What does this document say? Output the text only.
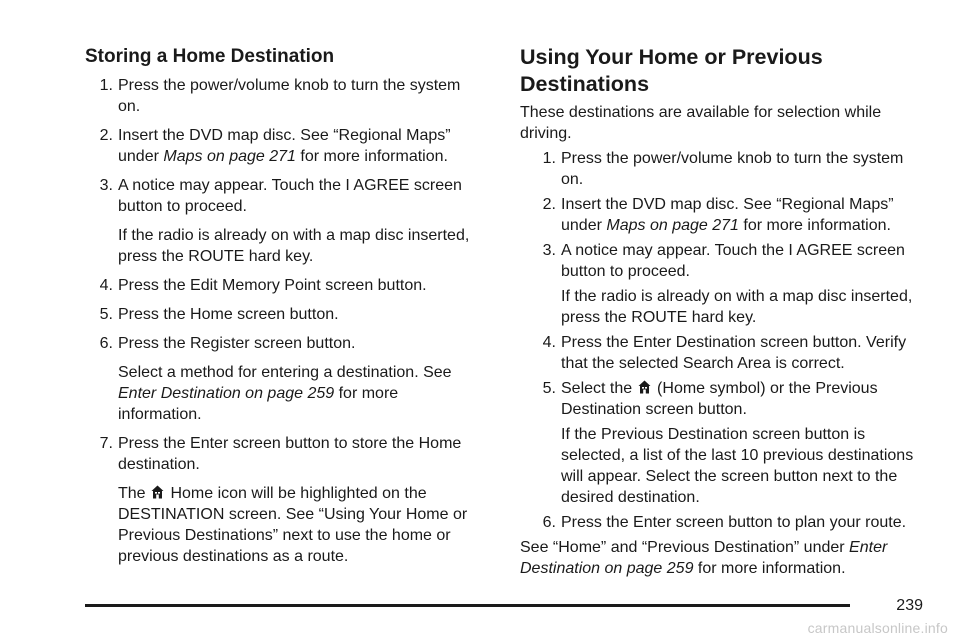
Storing a Home Destination
1. Press the power/volume knob to turn the system on.
2. Insert the DVD map disc. See “Regional Maps” under Maps on page 271 for more information.
3. A notice may appear. Touch the I AGREE screen button to proceed.
If the radio is already on with a map disc inserted, press the ROUTE hard key.
4. Press the Edit Memory Point screen button.
5. Press the Home screen button.
6. Press the Register screen button.
Select a method for entering a destination. See Enter Destination on page 259 for more information.
7. Press the Enter screen button to store the Home destination.
The  Home icon will be highlighted on the DESTINATION screen. See “Using Your Home or Previous Destinations” next to use the home or previous destinations as a route.
Using Your Home or Previous Destinations

These destinations are available for selection while driving.

1. Press the power/volume knob to turn the system on.
2. Insert the DVD map disc. See “Regional Maps” under Maps on page 271 for more information.
3. A notice may appear. Touch the I AGREE screen button to proceed.
If the radio is already on with a map disc inserted, press the ROUTE hard key.
4. Press the Enter Destination screen button. Verify that the selected Search Area is correct.
5. Select the  (Home symbol) or the Previous Destination screen button.
If the Previous Destination screen button is selected, a list of the last 10 previous destinations will appear. Select the screen button next to the desired destination.
6. Press the Enter screen button to plan your route.

See “Home” and “Previous Destination” under Enter Destination on page 259 for more information.

239
carmanualsonline.info
